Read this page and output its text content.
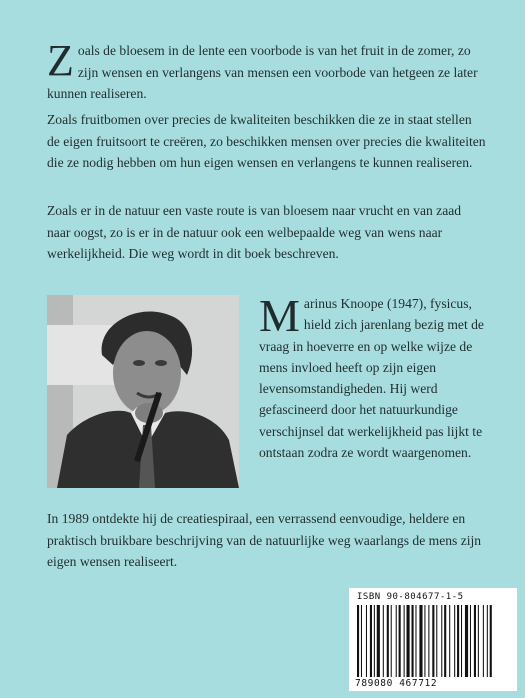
Zoals de bloesem in de lente een voorbode is van het fruit in de zomer, zo zijn wensen en verlangens van mensen een voorbode van hetgeen ze later kunnen realiseren.

Zoals fruitbomen over precies de kwaliteiten beschikken die ze in staat stellen de eigen fruitsoort te creëren, zo beschikken mensen over precies die kwaliteiten die ze nodig hebben om hun eigen wensen en verlangens te kunnen realiseren.

Zoals er in de natuur een vaste route is van bloesem naar vrucht en van zaad naar oogst, zo is er in de natuur ook een welbepaalde weg van wens naar werkelijkheid. Die weg wordt in dit boek beschreven.

Marinus Knoope (1947), fysicus, hield zich jarenlang bezig met de vraag in hoeverre en op welke wijze de mens invloed heeft op zijn eigen levensomstandigheden. Hij werd gefascineerd door het natuurkundige verschijnsel dat werkelijkheid pas lijkt te ontstaan zodra ze wordt waargenomen.

In 1989 ontdekte hij de creatiespiraal, een verrassend eenvoudige, heldere en praktisch bruikbare beschrijving van de natuurlijke weg waarlangs de mens zijn eigen wensen realiseert.

ISBN 90-804677-1-5
789080 467712
